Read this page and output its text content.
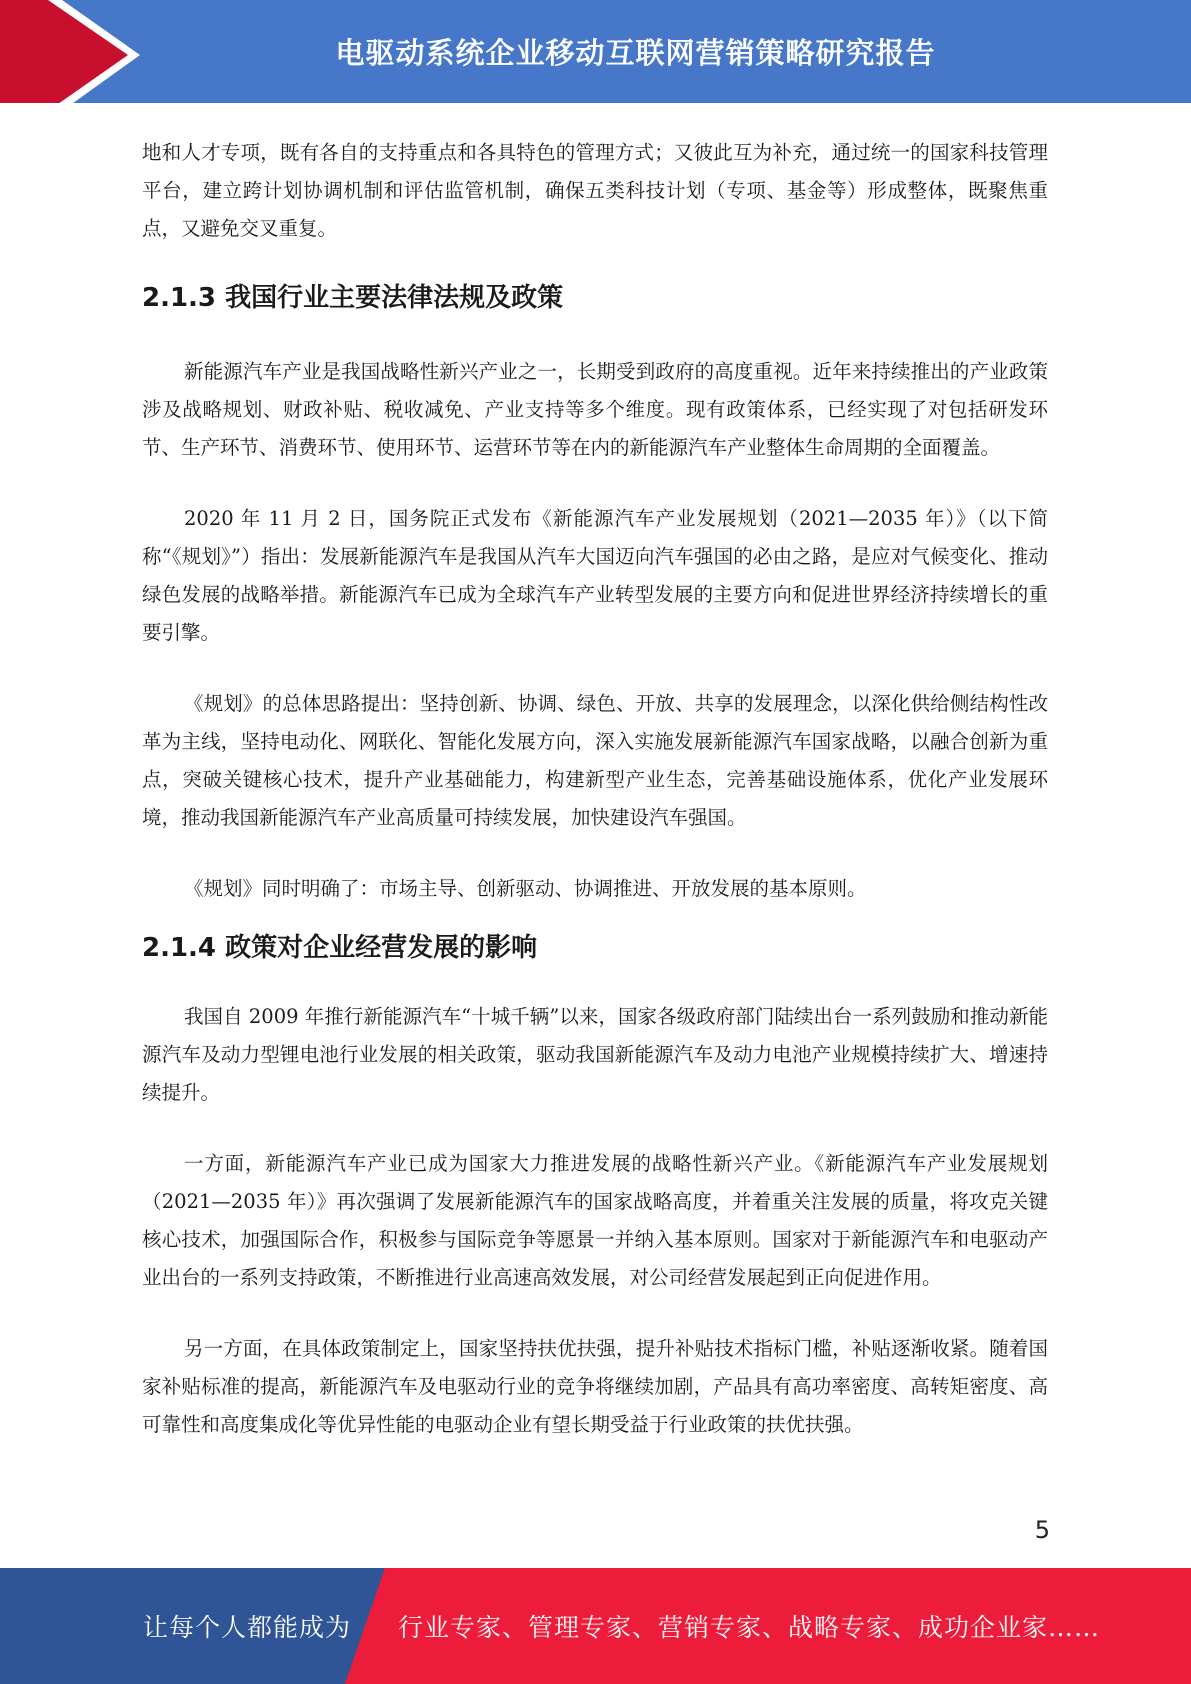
电驱动系统企业移动互联网营销策略研究报告

地和人才专项，既有各自的支持重点和各具特色的管理方式；又彼此互为补充，通过统一的国家科技管理平台，建立跨计划协调机制和评估监管机制，确保五类科技计划（专项、基金等）形成整体，既聚焦重点，又避免交叉重复。

2.1.3 我国行业主要法律法规及政策

新能源汽车产业是我国战略性新兴产业之一，长期受到政府的高度重视。近年来持续推出的产业政策涉及战略规划、财政补贴、税收减免、产业支持等多个维度。现有政策体系，已经实现了对包括研发环节、生产环节、消费环节、使用环节、运营环节等在内的新能源汽车产业整体生命周期的全面覆盖。

2020 年 11 月 2 日，国务院正式发布《新能源汽车产业发展规划（2021—2035 年）》（以下简称“《规划》”）指出：发展新能源汽车是我国从汽车大国迈向汽车强国的必由之路，是应对气候变化、推动绿色发展的战略举措。新能源汽车已成为全球汽车产业转型发展的主要方向和促进世界经济持续增长的重要引擎。

《规划》的总体思路提出：坚持创新、协调、绿色、开放、共享的发展理念，以深化供给侧结构性改革为主线，坚持电动化、网联化、智能化发展方向，深入实施发展新能源汽车国家战略，以融合创新为重点，突破关键核心技术，提升产业基础能力，构建新型产业生态，完善基础设施体系，优化产业发展环境，推动我国新能源汽车产业高质量可持续发展，加快建设汽车强国。

《规划》同时明确了：市场主导、创新驱动、协调推进、开放发展的基本原则。

2.1.4 政策对企业经营发展的影响

我国自 2009 年推行新能源汽车“十城千辆”以来，国家各级政府部门陆续出台一系列鼓励和推动新能源汽车及动力型锂电池行业发展的相关政策，驱动我国新能源汽车及动力电池产业规模持续扩大、增速持续提升。

一方面，新能源汽车产业已成为国家大力推进发展的战略性新兴产业。《新能源汽车产业发展规划（2021—2035 年）》再次强调了发展新能源汽车的国家战略高度，并着重关注发展的质量，将攻克关键核心技术，加强国际合作，积极参与国际竞争等愿景一并纳入基本原则。国家对于新能源汽车和电驱动产业出台的一系列支持政策，不断推进行业高速高效发展，对公司经营发展起到正向促进作用。

另一方面，在具体政策制定上，国家坚持扶优扶强，提升补贴技术指标门槛，补贴逐渐收紧。随着国家补贴标准的提高，新能源汽车及电驱动行业的竞争将继续加剧，产品具有高功率密度、高转矩密度、高可靠性和高度集成化等优异性能的电驱动企业有望长期受益于行业政策的扶优扶强。

5
让每个人都能成为 行业专家、管理专家、营销专家、战略专家、成功企业家……
